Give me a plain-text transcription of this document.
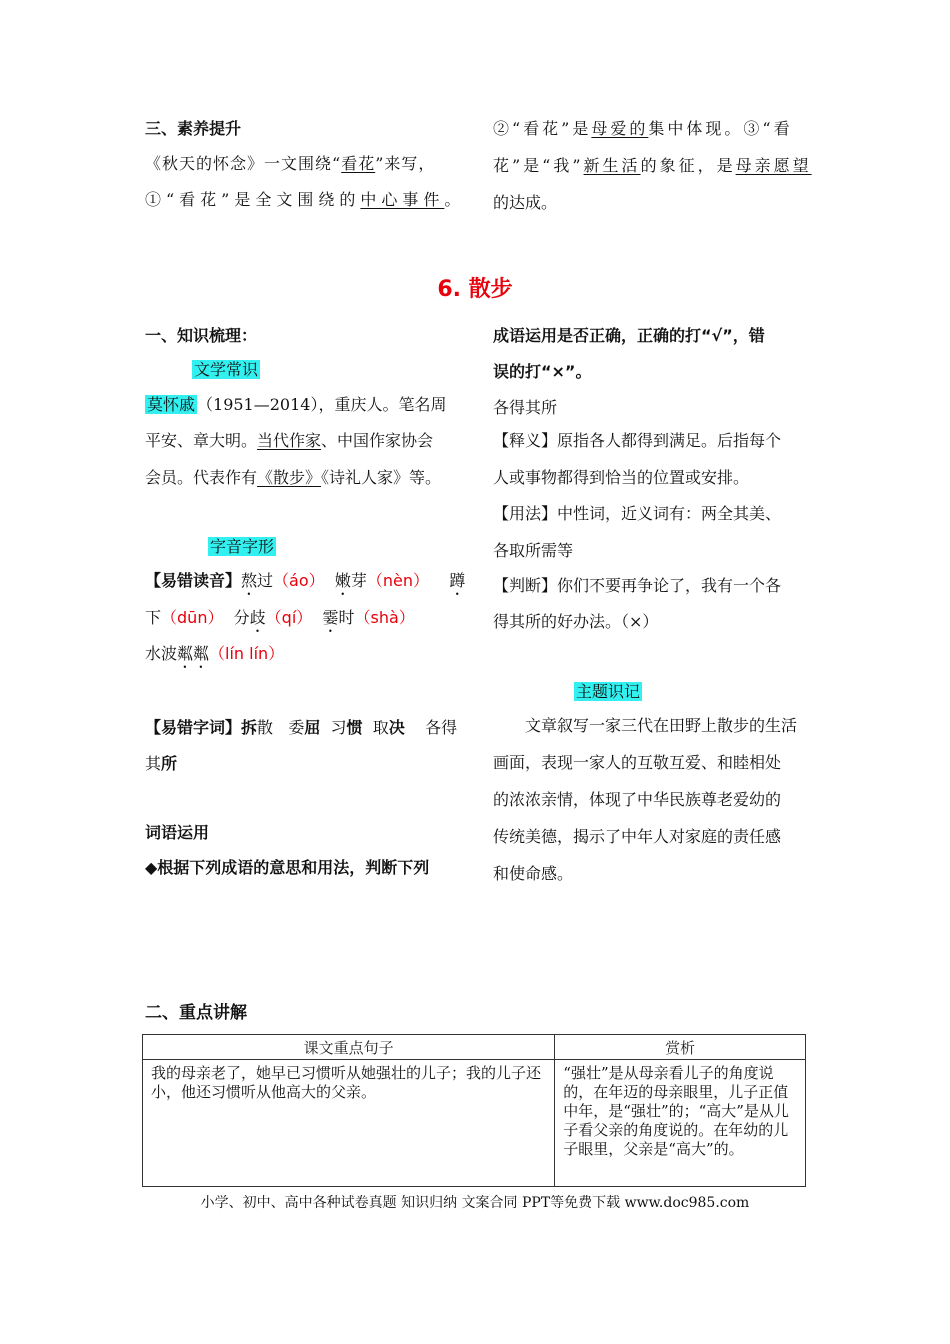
三、素养提升
《秋天的怀念》一文围绕“看花”来写，
①“看花”是全文围绕的中心事件。
②“看花”是母爱的集中体现。③“看
花”是“我”新生活的象征，是母亲愿望
的达成。
6. 散步
一、知识梳理：
文学常识
莫怀戚 （1951—2014），重庆人。笔名周
平安、章大明。当代作家、中国作家协会
会员。代表作有《散步》《诗礼人家》等。
字音字形
【易错读音】熬过（áo） 嫩芽（nèn） 蹲
下（dūn） 分歧（qí） 霎时（shà）
水波粼粼（lín lín）
【易错字词】拆散 委屈 习惯 取决 各得
其所
词语运用
◆根据下列成语的意思和用法，判断下列
成语运用是否正确，正确的打“√”，错
误的打“×”。
各得其所
【释义】原指各人都得到满足。后指每个
人或事物都得到恰当的位置或安排。
【用法】中性词，近义词有：两全其美、
各取所需等
【判断】你们不要再争论了，我有一个各
得其所的好办法。（×）
主题识记
文章叙写一家三代在田野上散步的生活
画面，表现一家人的互敬互爱、和睦相处
的浓浓亲情，体现了中华民族尊老爱幼的
传统美德，揭示了中年人对家庭的责任感
和使命感。
二、重点讲解
课文重点句子	赏析
我的母亲老了，她早已习惯听从她强壮的儿子；我的儿子还小，他还习惯听从他高大的父亲。	“强壮”是从母亲看儿子的角度说的，在年迈的母亲眼里，儿子正值中年，是“强壮”的；“高大”是从儿子看父亲的角度说的。在年幼的儿子眼里，父亲是“高大”的。
小学、初中、高中各种试卷真题 知识归纳 文案合同 PPT等免费下载 www.doc985.com
